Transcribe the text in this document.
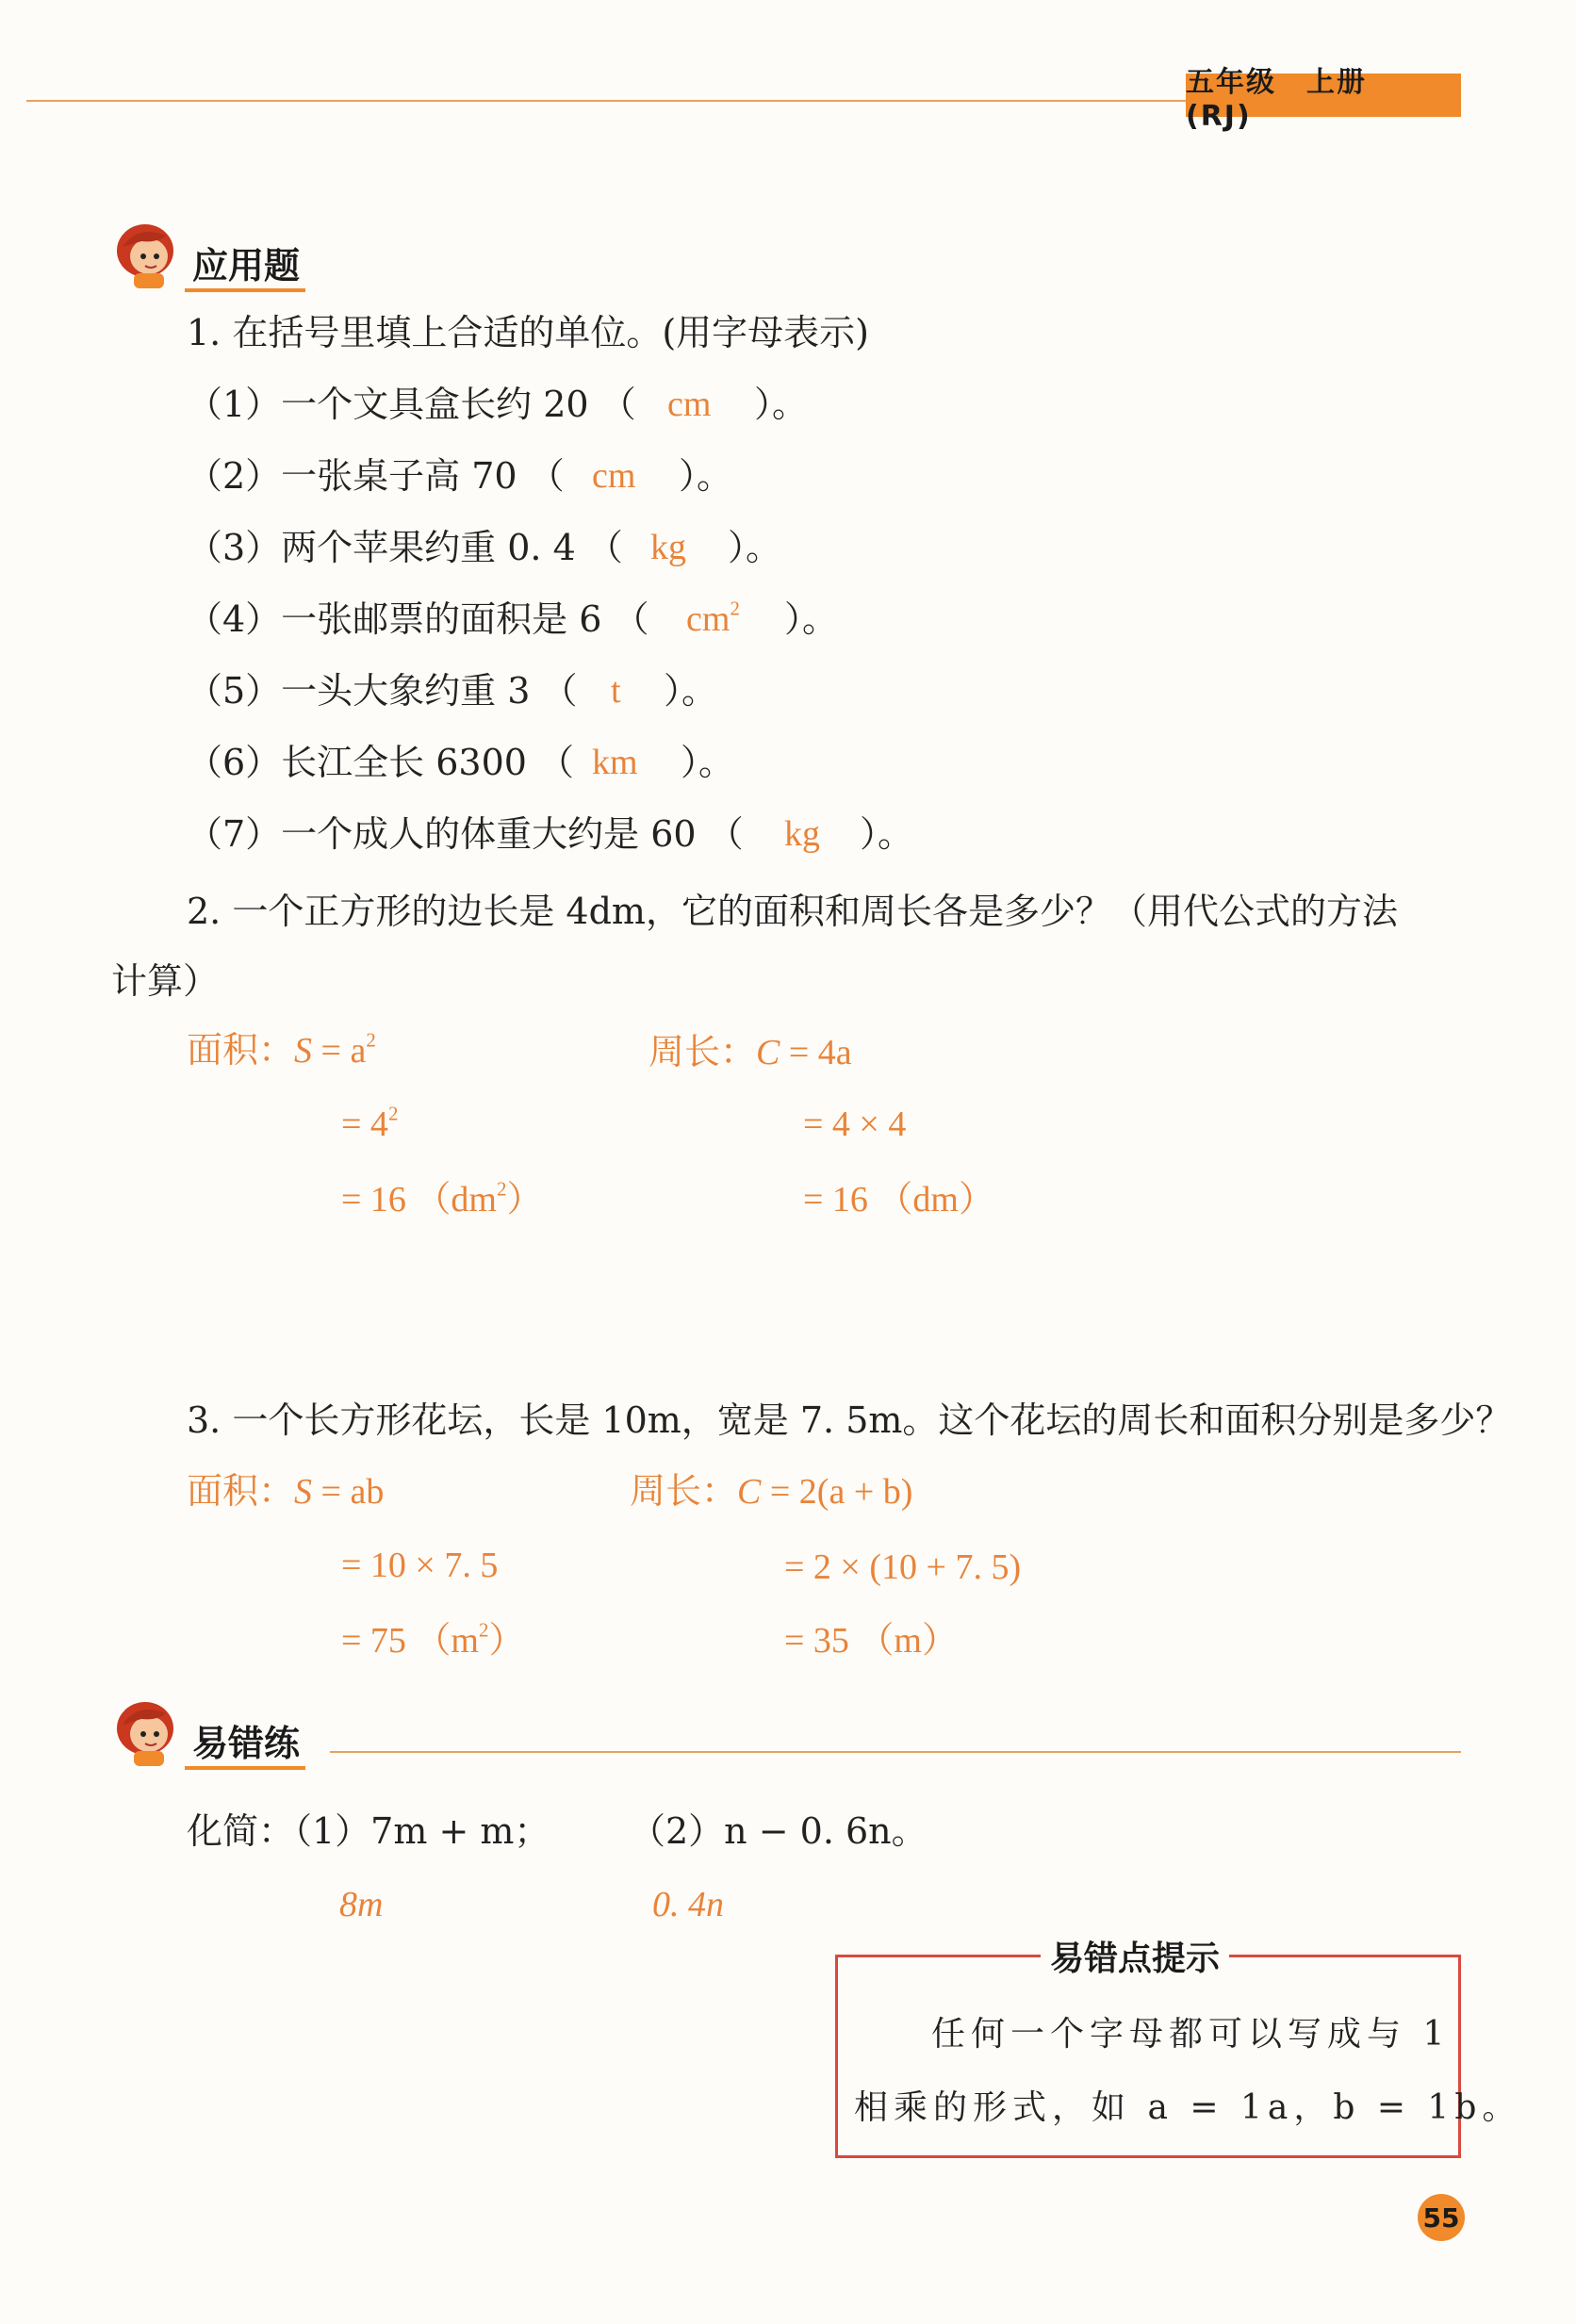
五年级　上册　(RJ)
应用题
1. 在括号里填上合适的单位。(用字母表示)
（1）一个文具盒长约 20 （ cm ）。
（2）一张桌子高 70 （ cm ）。
（3）两个苹果约重 0. 4 （ kg ）。
（4）一张邮票的面积是 6 （ $cm^2$ ）。
（5）一头大象约重 3 （ t ）。
（6）长江全长 6300 （ km ）。
（7）一个成人的体重大约是 60 （ kg ）。
2. 一个正方形的边长是 4dm，它的面积和周长各是多少？（用代公式的方法
计算）
面积：$S = a^2$
= $4^2$
= 16 $(dm^2)$
周长：C = 4a
= 4 × 4
= 16 （dm）
3. 一个长方形花坛，长是 10m，宽是 7. 5m。这个花坛的周长和面积分别是多少？
面积：S = ab
= 10 × 7. 5
= 75 $(m^2)$
周长：C = 2(a + b)
= 2 × (10 + 7. 5)
= 35 （m）
易错练
化简：（1）7m + m； （2）n − 0. 6n。
8m	0. 4n
易错点提示
任何一个字母都可以写成与 1
相乘的形式，如 a = 1a，b = 1b。
55
